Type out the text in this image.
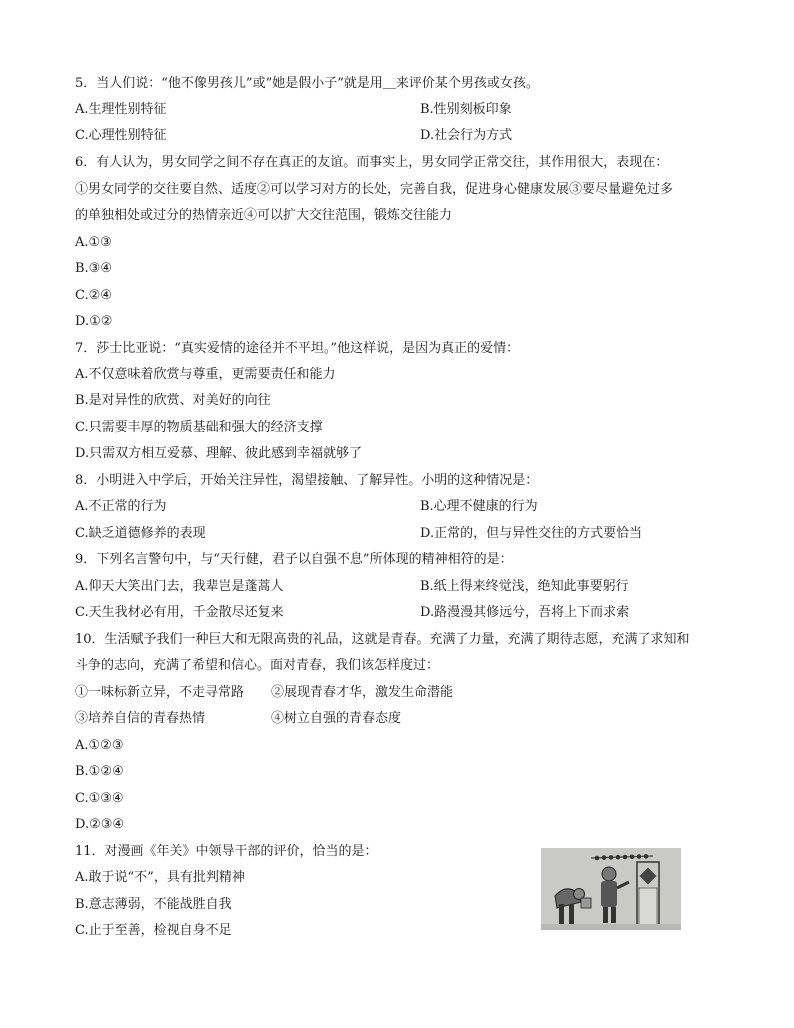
5．当人们说：“他不像男孩儿”或”她是假小子”就是用＿来评价某个男孩或女孩。
A.生理性别特征	B.性别刻板印象
C.心理性别特征	D.社会行为方式
6．有人认为，男女同学之间不存在真正的友谊。而事实上，男女同学正常交往，其作用很大，表现在：
①男女同学的交往要自然、适度②可以学习对方的长处，完善自我，促进身心健康发展③要尽量避免过多
的单独相处或过分的热情亲近④可以扩大交往范围，锻炼交往能力
A.①③
B.③④
C.②④
D.①②
7．莎士比亚说：“真实爱情的途径并不平坦。”他这样说，是因为真正的爱情：
A.不仅意味着欣赏与尊重，更需要责任和能力
B.是对异性的欣赏、对美好的向往
C.只需要丰厚的物质基础和强大的经济支撑
D.只需双方相互爱慕、理解、彼此感到幸福就够了
8．小明进入中学后，开始关注异性，渴望接触、了解异性。小明的这种情况是：
A.不正常的行为	B.心理不健康的行为
C.缺乏道德修养的表现	D.正常的，但与异性交往的方式要恰当
9．下列名言警句中，与“天行健，君子以自强不息”所体现的精神相符的是：
A.仰天大笑出门去，我辈岂是蓬蒿人	B.纸上得来终觉浅，绝知此事要躬行
C.天生我材必有用，千金散尽还复来	D.路漫漫其修远兮，吾将上下而求索
10．生活赋予我们一种巨大和无限高贵的礼品，这就是青春。充满了力量，充满了期待志愿，充满了求知和
斗争的志向，充满了希望和信心。面对青春，我们该怎样度过：
①一味标新立异，不走寻常路 ②展现青春才华，激发生命潜能
③培养自信的青春热情	④树立自强的青春态度
A.①②③
B.①②④
C.①③④
D.②③④
11．对漫画《年关》中领导干部的评价，恰当的是：
A.敢于说“不”，具有批判精神
B.意志薄弱，不能战胜自我
C.止于至善，检视自身不足
